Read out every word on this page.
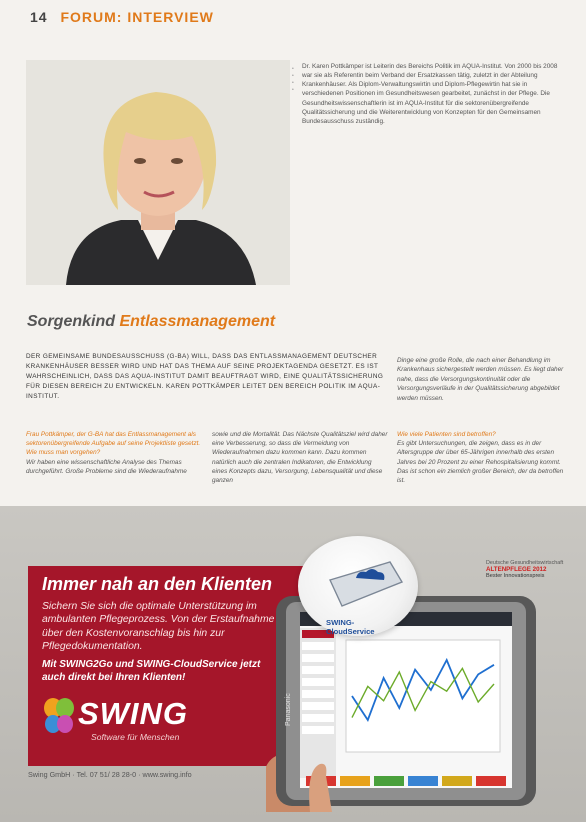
14 FORUM: INTERVIEW
•
•
•
•
Dr. Karen Pottkämper ist Leiterin des Bereichs Politik im AQUA-Institut. Von 2000 bis 2008 war sie als Referentin beim Verband der Ersatzkassen tätig, zuletzt in der Abteilung Krankenhäuser. Als Diplom-Verwaltungswirtin und Diplom-Pflegewirtin hat sie in verschiedenen Positionen im Gesundheitswesen gearbeitet, zunächst in der Pflege. Die Gesundheitswissenschaftlerin ist im AQUA-Institut für die sektorenübergreifende Qualitätssicherung und die Weiterentwicklung von Konzepten für den Gemeinsamen Bundesausschuss zuständig.
Sorgenkind Entlassmanagement
DER GEMEINSAME BUNDESAUSSCHUSS (G-BA) WILL, DASS DAS ENTLASSMANAGEMENT DEUTSCHER KRANKENHÄUSER BESSER WIRD UND HAT DAS THEMA AUF SEINE PROJEKTAGENDA GESETZT. ES IST WAHRSCHEINLICH, DASS DAS AQUA-INSTITUT DAMIT BEAUFTRAGT WIRD, EINE QUALITÄTSSICHERUNG FÜR DIESEN BEREICH ZU ENTWICKELN. KAREN POTTKÄMPER LEITET DEN BEREICH POLITIK IM AQUA-INSTITUT.
Dinge eine große Rolle, die nach einer Behandlung im Krankenhaus sichergestellt werden müssen. Es liegt daher nahe, dass die Versorgungskontinuität oder die Versorgungsverläufe in der Qualitätssicherung abgebildet werden müssen.
Frau Pottkämper, der G-BA hat das Entlassmanagement als sektorenübergreifende Aufgabe auf seine Projektliste gesetzt. Wie muss man vorgehen?
Wir haben eine wissenschaftliche Analyse des Themas durchgeführt. Große Probleme sind die Wiederaufnahme
sowie und die Mortalität. Das Nächste Qualitätsziel wird daher eine Verbesserung, so dass die Vermeidung von Wiederaufnahmen dazu kommen kann. Dazu kommen natürlich auch die zentralen Indikatoren, die Entwicklung eines Konzepts dazu, Versorgung, Lebensqualität und diese ganzen
Wie viele Patienten sind betroffen?
Es gibt Untersuchungen, die zeigen, dass es in der Altersgruppe der über 65-Jährigen innerhalb des ersten Jahres bei 20 Prozent zu einer Rehospitalisierung kommt. Das ist schon ein ziemlich großer Bereich, der da betroffen ist.
Immer nah an den Klienten
Sichern Sie sich die optimale Unterstützung im ambulanten Pflegeprozess. Von der Erstaufnahme über den Kostenvoranschlag bis hin zur Pflegedokumentation.
Mit SWING2Go und SWING-CloudService jetzt auch direkt bei Ihren Klienten!
SWING
Software für Menschen
Swing GmbH · Tel. 07 51/ 28 28-0 · www.swing.info
Deutsche Gesundheitswirtschaft
ALTENPFLEGE 2012
Bester Innovationspreis
Panasonic
SWING-
CloudService
